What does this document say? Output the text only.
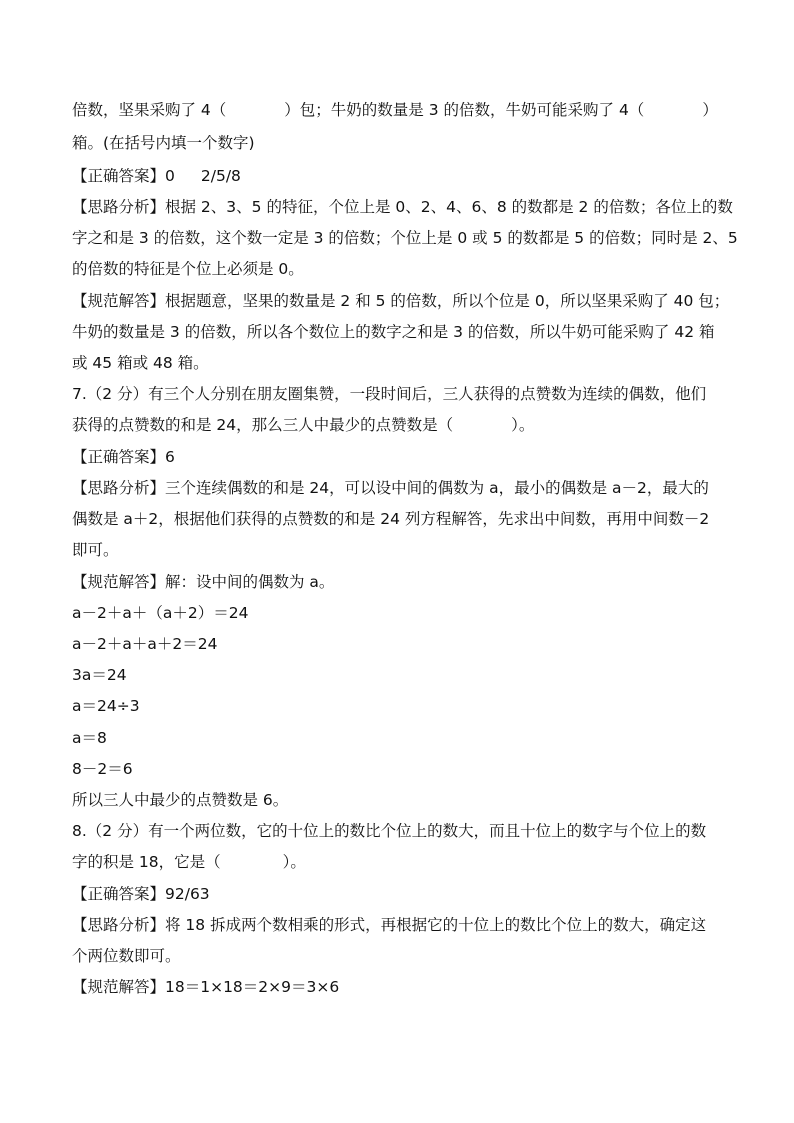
倍数，坚果采购了 4（	）包；牛奶的数量是 3 的倍数，牛奶可能采购了 4（	）
箱。(在括号内填一个数字)
【正确答案】0 2/5/8
【思路分析】根据 2、3、5 的特征，个位上是 0、2、4、6、8 的数都是 2 的倍数；各位上的数
字之和是 3 的倍数，这个数一定是 3 的倍数；个位上是 0 或 5 的数都是 5 的倍数；同时是 2、5
的倍数的特征是个位上必须是 0。
【规范解答】根据题意，坚果的数量是 2 和 5 的倍数，所以个位是 0，所以坚果采购了 40 包；
牛奶的数量是 3 的倍数，所以各个数位上的数字之和是 3 的倍数，所以牛奶可能采购了 42 箱
或 45 箱或 48 箱。
7.（2 分）有三个人分别在朋友圈集赞，一段时间后，三人获得的点赞数为连续的偶数，他们
获得的点赞数的和是 24，那么三人中最少的点赞数是（	）。
【正确答案】6
【思路分析】三个连续偶数的和是 24，可以设中间的偶数为 a，最小的偶数是 a－2，最大的
偶数是 a＋2，根据他们获得的点赞数的和是 24 列方程解答，先求出中间数，再用中间数－2
即可。
【规范解答】解：设中间的偶数为 a。
a－2＋a＋（a＋2）＝24
a－2＋a＋a＋2＝24
3a＝24
a＝24÷3
a＝8
8－2＝6
所以三人中最少的点赞数是 6。
8.（2 分）有一个两位数，它的十位上的数比个位上的数大，而且十位上的数字与个位上的数
字的积是 18，它是（	）。
【正确答案】92/63
【思路分析】将 18 拆成两个数相乘的形式，再根据它的十位上的数比个位上的数大，确定这
个两位数即可。
【规范解答】18＝1×18＝2×9＝3×6
